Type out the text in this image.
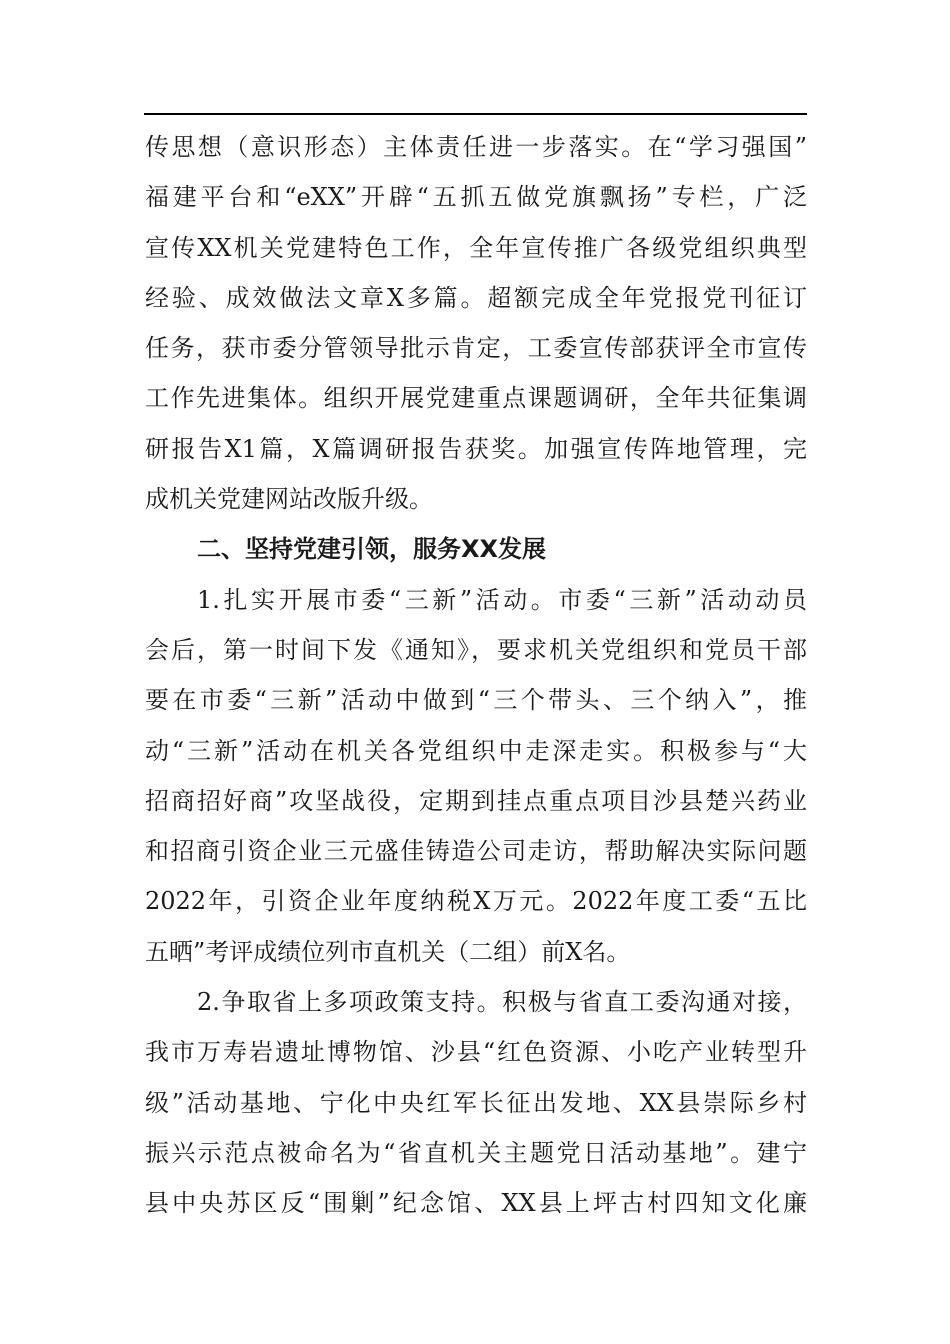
传思想（意识形态）主体责任进一步落实。在“学习强国”
福建平台和“eXX”开辟“五抓五做党旗飘扬”专栏，广泛
宣传XX机关党建特色工作，全年宣传推广各级党组织典型
经验、成效做法文章X多篇。超额完成全年党报党刊征订
任务，获市委分管领导批示肯定，工委宣传部获评全市宣传
工作先进集体。组织开展党建重点课题调研，全年共征集调
研报告X1篇，X篇调研报告获奖。加强宣传阵地管理，完
成机关党建网站改版升级。
二、坚持党建引领，服务XX发展
1.扎实开展市委“三新”活动。市委“三新”活动动员
会后，第一时间下发《通知》，要求机关党组织和党员干部
要在市委“三新”活动中做到“三个带头、三个纳入”，推
动“三新”活动在机关各党组织中走深走实。积极参与“大
招商招好商”攻坚战役，定期到挂点重点项目沙县楚兴药业
和招商引资企业三元盛佳铸造公司走访，帮助解决实际问题
2022年，引资企业年度纳税X万元。2022年度工委“五比
五晒”考评成绩位列市直机关（二组）前X名。
2.争取省上多项政策支持。积极与省直工委沟通对接，
我市万寿岩遗址博物馆、沙县“红色资源、小吃产业转型升
级”活动基地、宁化中央红军长征出发地、XX县崇际乡村
振兴示范点被命名为“省直机关主题党日活动基地”。建宁
县中央苏区反“围剿”纪念馆、XX县上坪古村四知文化廉
